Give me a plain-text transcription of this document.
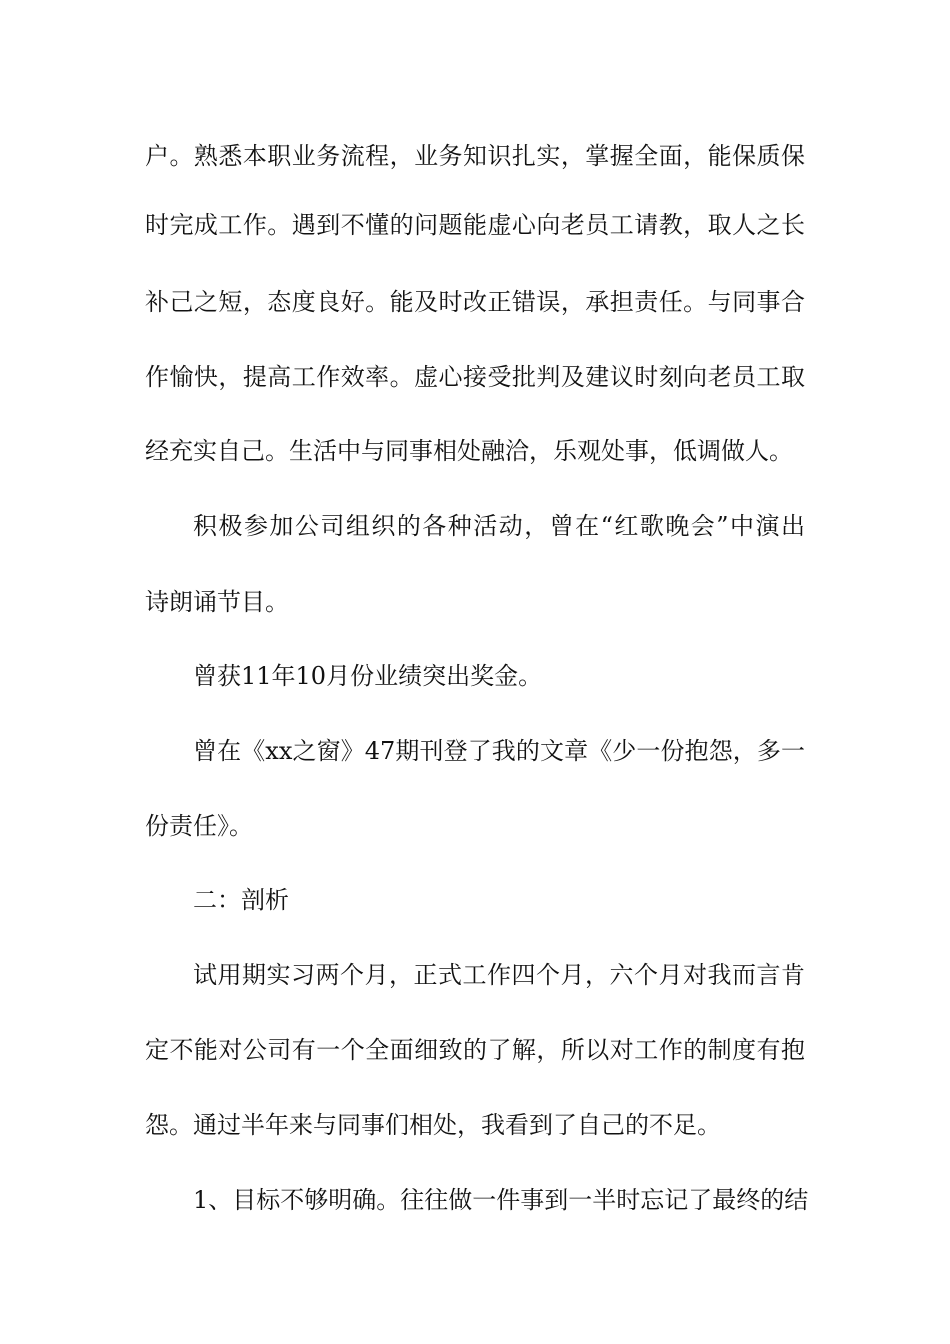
户。熟悉本职业务流程，业务知识扎实，掌握全面，能保质保
时完成工作。遇到不懂的问题能虚心向老员工请教，取人之长
补己之短，态度良好。能及时改正错误，承担责任。与同事合
作愉快，提高工作效率。虚心接受批判及建议时刻向老员工取
经充实自己。生活中与同事相处融洽，乐观处事，低调做人。
积极参加公司组织的各种活动，曾在“红歌晚会”中演出
诗朗诵节目。
曾获11年10月份业绩突出奖金。
曾在《xx之窗》47期刊登了我的文章《少一份抱怨，多一
份责任》。
二：剖析
试用期实习两个月，正式工作四个月，六个月对我而言肯
定不能对公司有一个全面细致的了解，所以对工作的制度有抱
怨。通过半年来与同事们相处，我看到了自己的不足。
1、目标不够明确。往往做一件事到一半时忘记了最终的结
